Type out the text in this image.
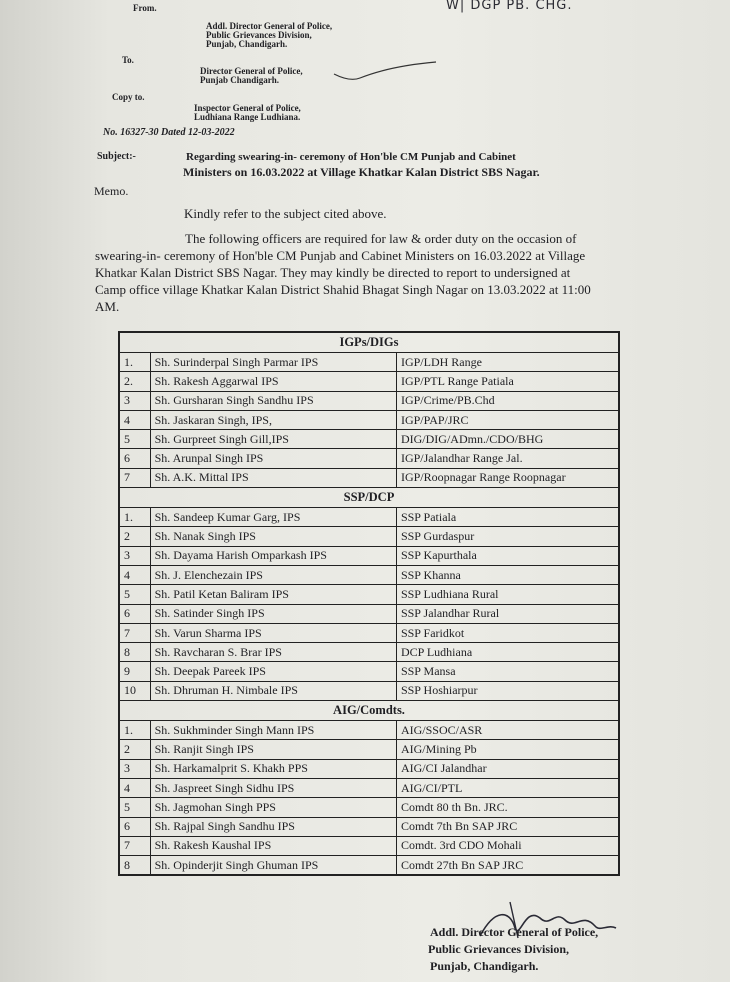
From.
Addl. Director General of Police,
Public Grievances Division,
Punjab, Chandigarh.
W| DGP PB. CHG.
To.
Director General of Police,
Punjab Chandigarh.
Copy to.
Inspector General of Police,
Ludhiana Range Ludhiana.
No. 16327-30 Dated 12-03-2022
Subject:-	Regarding swearing-in- ceremony of Hon'ble CM Punjab and Cabinet
Ministers on 16.03.2022 at Village Khatkar Kalan District SBS Nagar.
Memo.
Kindly refer to the subject cited above.
The following officers are required for law & order duty on the occasion of
swearing-in- ceremony of Hon'ble CM Punjab and Cabinet Ministers on 16.03.2022 at Village
Khatkar Kalan District SBS Nagar. They may kindly be directed to report to undersigned at
Camp office village Khatkar Kalan District Shahid Bhagat Singh Nagar on 13.03.2022 at 11:00
AM.
IGPs/DIGs		
1.	Sh. Surinderpal Singh Parmar IPS	IGP/LDH Range
2.	Sh. Rakesh Aggarwal IPS	IGP/PTL Range Patiala
3	Sh. Gursharan Singh Sandhu IPS	IGP/Crime/PB.Chd
4	Sh. Jaskaran Singh, IPS,	IGP/PAP/JRC
5	Sh. Gurpreet Singh Gill,IPS	DIG/DIG/ADmn./CDO/BHG
6	Sh. Arunpal Singh IPS	IGP/Jalandhar Range Jal.
7	Sh. A.K. Mittal IPS	IGP/Roopnagar Range Roopnagar
SSP/DCP		
1.	Sh. Sandeep Kumar Garg, IPS	SSP Patiala
2	Sh. Nanak Singh IPS	SSP Gurdaspur
3	Sh. Dayama Harish Omparkash IPS	SSP Kapurthala
4	Sh. J. Elenchezain IPS	SSP Khanna
5	Sh. Patil Ketan Baliram IPS	SSP Ludhiana Rural
6	Sh. Satinder Singh IPS	SSP Jalandhar Rural
7	Sh. Varun Sharma IPS	SSP Faridkot
8	Sh. Ravcharan S. Brar IPS	DCP Ludhiana
9	Sh. Deepak Pareek IPS	SSP Mansa
10	Sh. Dhruman H. Nimbale IPS	SSP Hoshiarpur
AIG/Comdts.		
1.	Sh. Sukhminder Singh Mann IPS	AIG/SSOC/ASR
2	Sh. Ranjit Singh IPS	AIG/Mining Pb
3	Sh. Harkamalprit S. Khakh PPS	AIG/CI Jalandhar
4	Sh. Jaspreet Singh Sidhu IPS	AIG/CI/PTL
5	Sh. Jagmohan Singh PPS	Comdt 80 th Bn. JRC.
6	Sh. Rajpal Singh Sandhu IPS	Comdt 7th Bn SAP JRC
7	Sh. Rakesh Kaushal IPS	Comdt. 3rd CDO Mohali
8	Sh. Opinderjit Singh Ghuman IPS	Comdt 27th Bn SAP JRC
Addl. Director General of Police,
Public Grievances Division,
Punjab, Chandigarh.
